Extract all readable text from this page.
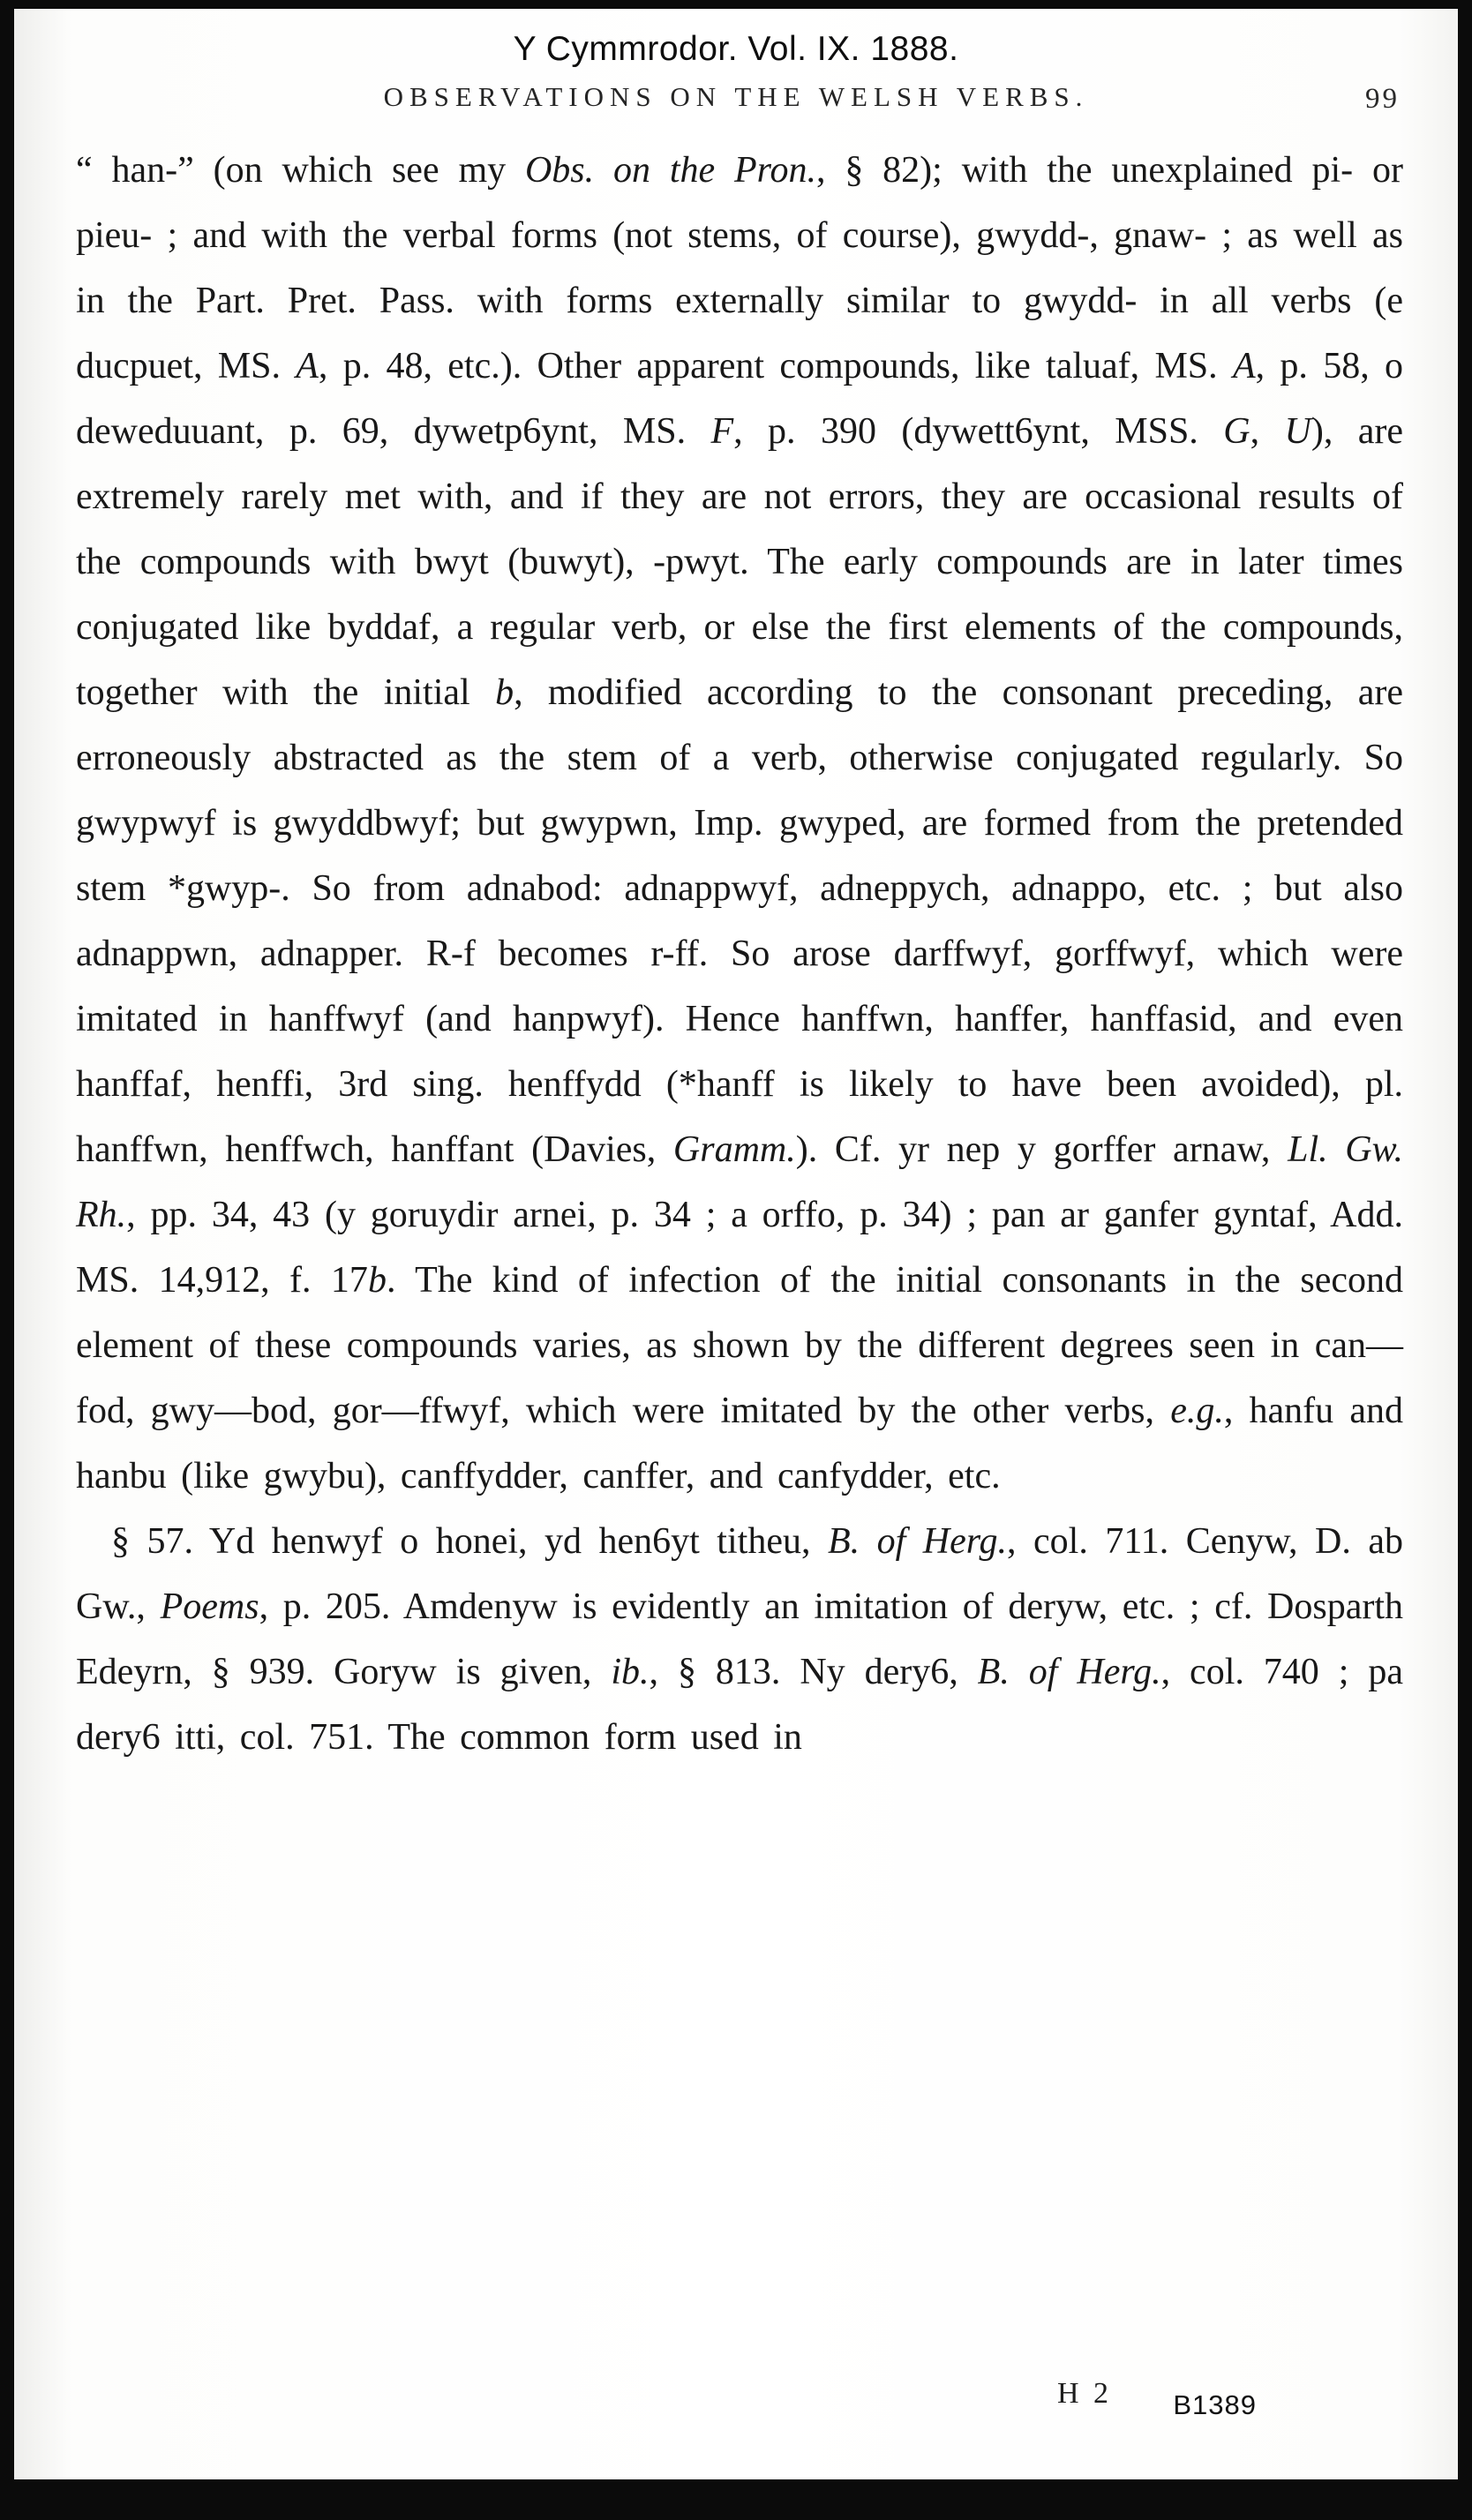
Y Cymmrodor. Vol. IX. 1888.
OBSERVATIONS ON THE WELSH VERBS.	99

“ han-” (on which see my Obs. on the Pron., § 82); with the unexplained pi- or pieu- ; and with the verbal forms (not stems, of course), gwydd-, gnaw- ; as well as in the Part. Pret. Pass. with forms externally similar to gwydd- in all verbs (e ducpuet, MS. A, p. 48, etc.). Other apparent compounds, like taluaf, MS. A, p. 58, o deweduuant, p. 69, dywetp6ynt, MS. F, p. 390 (dywett6ynt, MSS. G, U), are extremely rarely met with, and if they are not errors, they are occasional results of the compounds with bwyt (buwyt), -pwyt. The early compounds are in later times conjugated like byddaf, a regular verb, or else the first elements of the compounds, together with the initial b, modified according to the consonant preceding, are erroneously abstracted as the stem of a verb, otherwise conjugated regularly. So gwypwyf is gwyddbwyf; but gwypwn, Imp. gwyped, are formed from the pretended stem *gwyp-. So from adnabod: adnappwyf, adneppych, adnappo, etc. ; but also adnappwn, adnapper. R-f becomes r-ff. So arose darffwyf, gorffwyf, which were imitated in hanffwyf (and hanpwyf). Hence hanffwn, hanffer, hanffasid, and even hanffaf, henffi, 3rd sing. henffydd (*hanff is likely to have been avoided), pl. hanffwn, henffwch, hanffant (Davies, Gramm.). Cf. yr nep y gorffer arnaw, Ll. Gw. Rh., pp. 34, 43 (y goruydir arnei, p. 34 ; a orffo, p. 34) ; pan ar ganfer gyntaf, Add. MS. 14,912, f. 17b. The kind of infection of the initial consonants in the second element of these compounds varies, as shown by the different degrees seen in can—fod, gwy—bod, gor—ffwyf, which were imitated by the other verbs, e.g., hanfu and hanbu (like gwybu), canffydder, canffer, and canfydder, etc.

§ 57. Yd henwyf o honei, yd hen6yt titheu, B. of Herg., col. 711. Cenyw, D. ab Gw., Poems, p. 205. Amdenyw is evidently an imitation of deryw, etc. ; cf. Dosparth Edeyrn, § 939. Goryw is given, ib., § 813. Ny dery6, B. of Herg., col. 740 ; pa dery6 itti, col. 751. The common form used in

H 2 B1389
